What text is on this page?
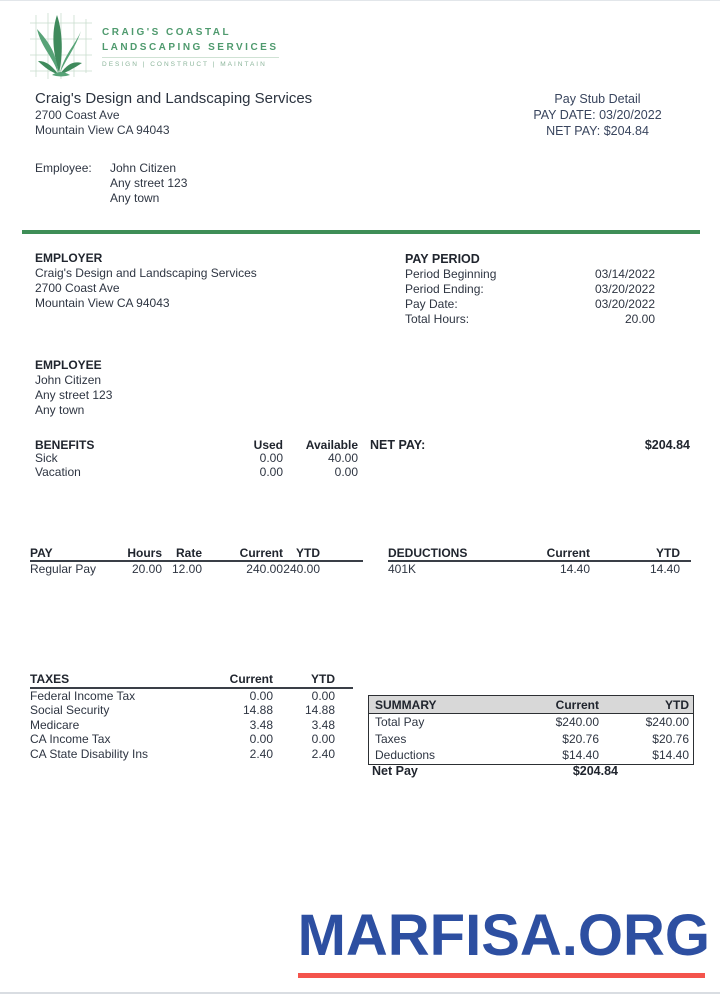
CRAIG'S COASTAL
LANDSCAPING SERVICES
DESIGN | CONSTRUCT | MAINTAIN
Craig's Design and Landscaping Services
2700 Coast Ave
Mountain View CA 94043
Pay Stub Detail
PAY DATE: 03/20/2022
NET PAY: $204.84
Employee:	John Citizen
Any street 123
Any town
EMPLOYER
Craig's Design and Landscaping Services
2700 Coast Ave
Mountain View CA 94043
PAY PERIOD
Period Beginning	03/14/2022
Period Ending:	03/20/2022
Pay Date:	03/20/2022
Total Hours:	20.00
EMPLOYEE
John Citizen
Any street 123
Any town
BENEFITS	Used	Available
Sick	0.00	40.00
Vacation	0.00	0.00
NET PAY:	$204.84
PAY	Hours	Rate	Current	YTD
Regular Pay	20.00	12.00	240.00	240.00
DEDUCTIONS	Current	YTD
401K	14.40	14.40
TAXES	Current	YTD
Federal Income Tax	0.00	0.00
Social Security	14.88	14.88
Medicare	3.48	3.48
CA Income Tax	0.00	0.00
CA State Disability Ins	2.40	2.40
SUMMARY	Current	YTD
Total Pay	$240.00	$240.00
Taxes	$20.76	$20.76
Deductions	$14.40	$14.40
Net Pay	$204.84
MARFISA.ORG
